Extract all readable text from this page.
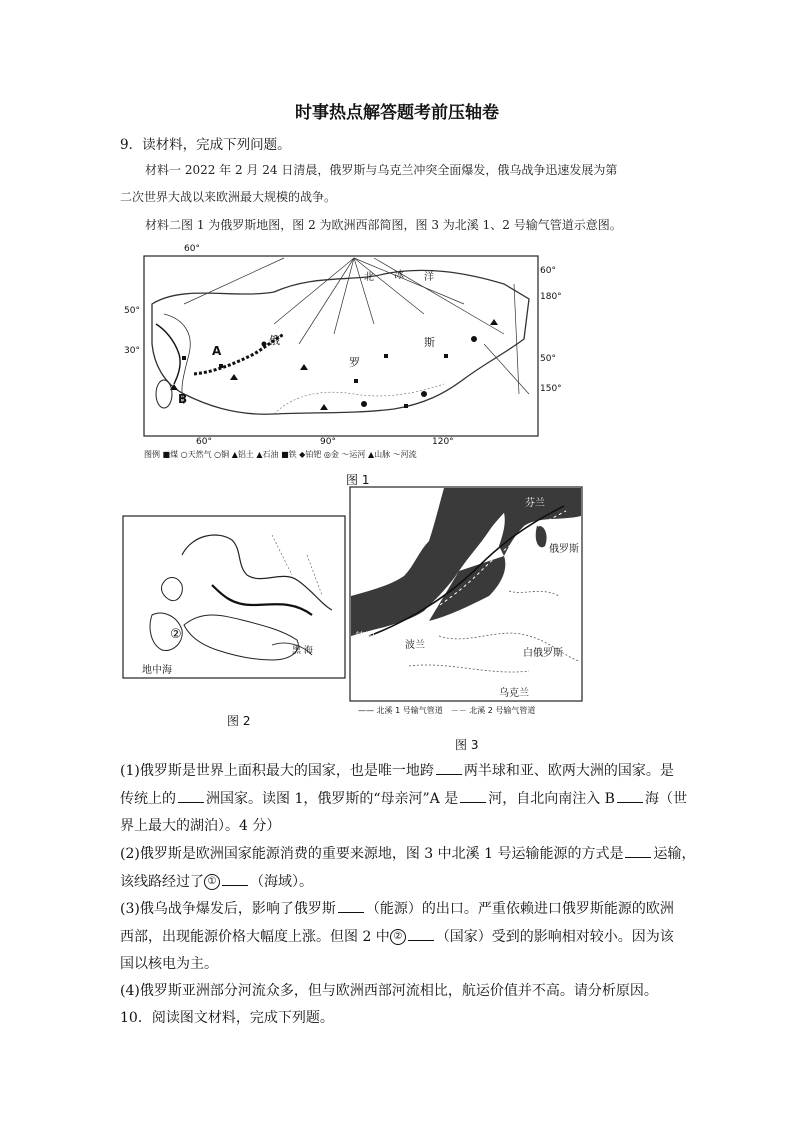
时事热点解答题考前压轴卷
9．读材料，完成下列问题。
材料一 2022 年 2 月 24 日清晨，俄罗斯与乌克兰冲突全面爆发，俄乌战争迅速发展为第
二次世界大战以来欧洲最大规模的战争。
材料二图 1 为俄罗斯地图，图 2 为欧洲西部简图，图 3 为北溪 1、2 号输气管道示意图。
60°
50°
30°
60°	90°	120°
60°
180°
50°
150°
A
B
俄
罗
斯
北 冰 洋
图例 ■煤 ○天然气 ○铜 ▲铝土 ▲石油 ■铁 ◆铂钯 ◎金 ～运河 ▲山脉 ～河流
图 1
②
地中海
黑 海
图 2
瑞典
芬兰
俄罗斯
德国
波兰
白俄罗斯
乌克兰
—— 北溪 1 号输气管道　－－ 北溪 2 号输气管道
图 3
(1)俄罗斯是世界上面积最大的国家，也是唯一地跨 两半球和亚、欧两大洲的国家。是
传统上的 洲国家。读图 1，俄罗斯的“母亲河”A 是 河，自北向南注入 B 海（世
界上最大的湖泊）。4 分）
(2)俄罗斯是欧洲国家能源消费的重要来源地，图 3 中北溪 1 号运输能源的方式是 运输，
该线路经过了 ① （海域）。
(3)俄乌战争爆发后，影响了俄罗斯 （能源）的出口。严重依赖进口俄罗斯能源的欧洲
西部，出现能源价格大幅度上涨。但图 2 中 ② （国家）受到的影响相对较小。因为该
国以核电为主。
(4)俄罗斯亚洲部分河流众多，但与欧洲西部河流相比，航运价值并不高。请分析原因。
10．阅读图文材料，完成下列题。
